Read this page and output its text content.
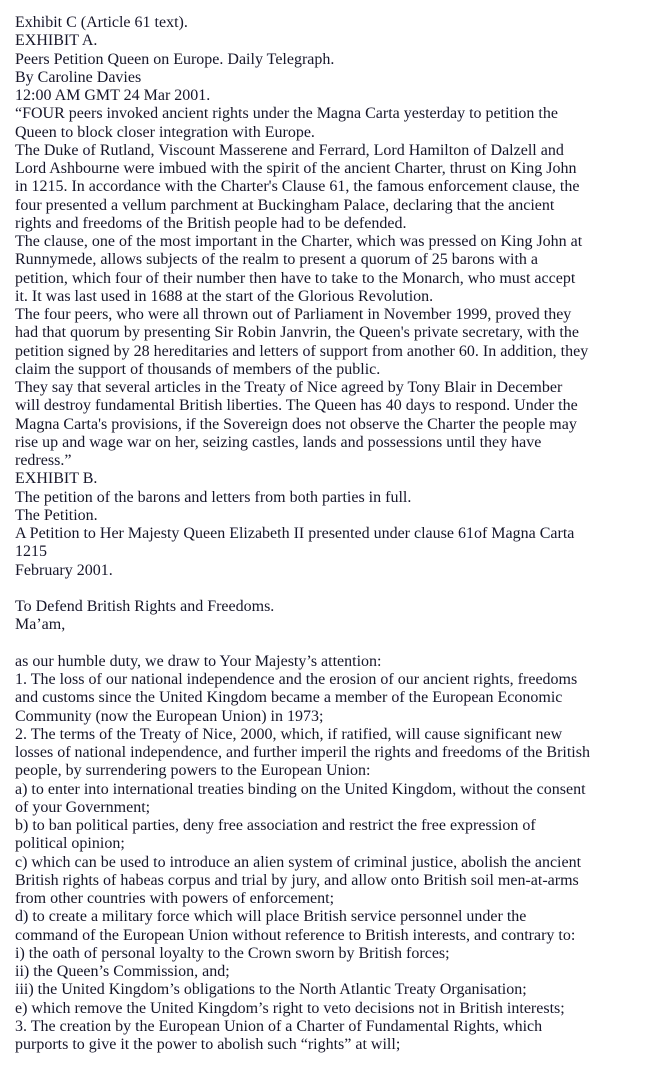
Exhibit C (Article 61 text).
EXHIBIT A.
Peers Petition Queen on Europe. Daily Telegraph.
By Caroline Davies
12:00 AM GMT 24 Mar 2001.
“FOUR peers invoked ancient rights under the Magna Carta yesterday to petition the
Queen to block closer integration with Europe.
The Duke of Rutland, Viscount Masserene and Ferrard, Lord Hamilton of Dalzell and
Lord Ashbourne were imbued with the spirit of the ancient Charter, thrust on King John
in 1215. In accordance with the Charter's Clause 61, the famous enforcement clause, the
four presented a vellum parchment at Buckingham Palace, declaring that the ancient
rights and freedoms of the British people had to be defended.
The clause, one of the most important in the Charter, which was pressed on King John at
Runnymede, allows subjects of the realm to present a quorum of 25 barons with a
petition, which four of their number then have to take to the Monarch, who must accept
it. It was last used in 1688 at the start of the Glorious Revolution.
The four peers, who were all thrown out of Parliament in November 1999, proved they
had that quorum by presenting Sir Robin Janvrin, the Queen's private secretary, with the
petition signed by 28 hereditaries and letters of support from another 60. In addition, they
claim the support of thousands of members of the public.
They say that several articles in the Treaty of Nice agreed by Tony Blair in December
will destroy fundamental British liberties. The Queen has 40 days to respond. Under the
Magna Carta's provisions, if the Sovereign does not observe the Charter the people may
rise up and wage war on her, seizing castles, lands and possessions until they have
redress.”
EXHIBIT B.
The petition of the barons and letters from both parties in full.
The Petition.
A Petition to Her Majesty Queen Elizabeth II presented under clause 61of Magna Carta
1215
February 2001.
To Defend British Rights and Freedoms.
Ma’am,
as our humble duty, we draw to Your Majesty’s attention:
1. The loss of our national independence and the erosion of our ancient rights, freedoms
and customs since the United Kingdom became a member of the European Economic
Community (now the European Union) in 1973;
2. The terms of the Treaty of Nice, 2000, which, if ratified, will cause significant new
losses of national independence, and further imperil the rights and freedoms of the British
people, by surrendering powers to the European Union:
a) to enter into international treaties binding on the United Kingdom, without the consent
of your Government;
b) to ban political parties, deny free association and restrict the free expression of
political opinion;
c) which can be used to introduce an alien system of criminal justice, abolish the ancient
British rights of habeas corpus and trial by jury, and allow onto British soil men-at-arms
from other countries with powers of enforcement;
d) to create a military force which will place British service personnel under the
command of the European Union without reference to British interests, and contrary to:
i) the oath of personal loyalty to the Crown sworn by British forces;
ii) the Queen’s Commission, and;
iii) the United Kingdom’s obligations to the North Atlantic Treaty Organisation;
e) which remove the United Kingdom’s right to veto decisions not in British interests;
3. The creation by the European Union of a Charter of Fundamental Rights, which
purports to give it the power to abolish such “rights” at will;
